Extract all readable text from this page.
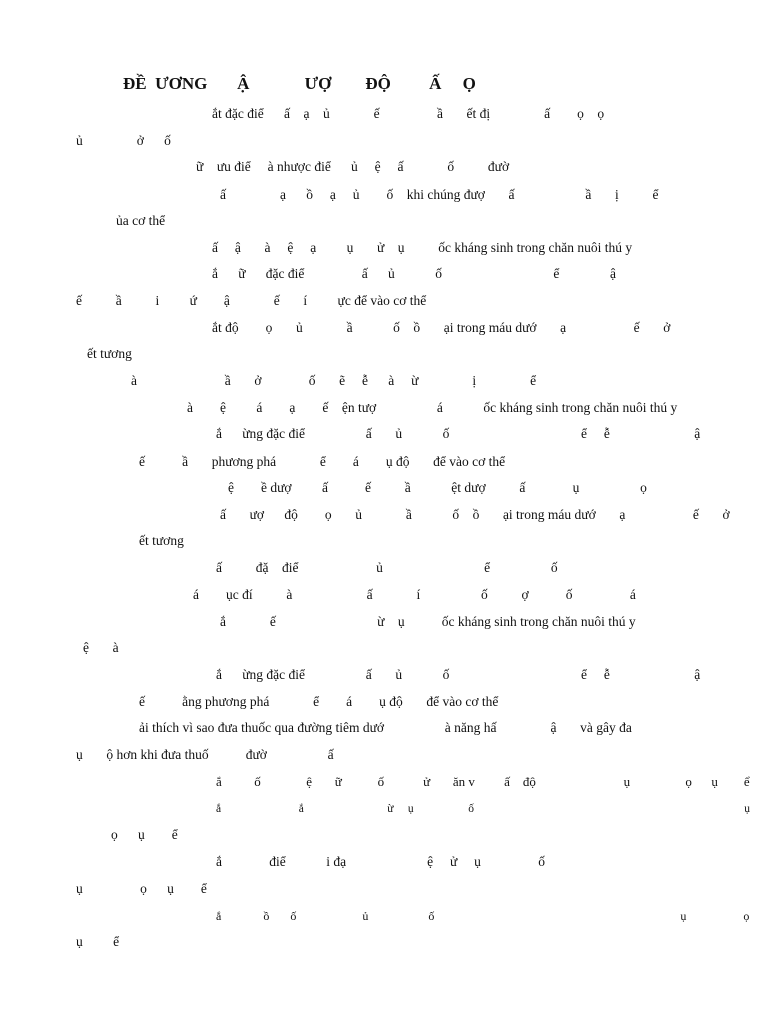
ĐỀ  ƯƠNG       Ậ             ƯỢ        ĐỘ         Ấ     Ọ
ắt đặc điể      ấ    ạ    ủ             ế                 ầ       ết đị                ấ        ọ    ọ
ủ                ở      ố
ữ    ưu điể     à nhược điể      ủ     ệ     ấ             ố          đườ
ấ                ạ      ồ     ạ     ủ        ố    khi chúng đượ       ấ                     ầ       ị          ể
ủa cơ thể
ấ     ậ       à     ệ     ạ         ụ       ử    ụ          ốc kháng sinh trong chăn nuôi thú y
ắ      ữ      đặc điể                 ấ      ủ            ố                                 ể               ậ
ế          ầ          i         ứ        ậ             ế       í         ực để vào cơ thể
ắt độ        ọ       ủ             ầ            ố    ồ       ại trong máu dướ       ạ                    ế       ở
ết tương
à                          ầ       ở              ố       ẽ     ễ      à     ừ                ị                ể
à        ệ         á        ạ        ế    ện tượ                  á            ốc kháng sinh trong chăn nuôi thú y
ắ      ừng đặc điể                  ấ       ủ            ố                                       ể     ễ                         ậ
ế           ầ       phương phá             ể        á        ụ độ       để vào cơ thể
ệ        ề dượ         ấ           ế          ầ            ệt dượ          ấ              ụ                  ọ
ấ       ượ      độ        ọ       ủ             ầ            ố    ồ       ại trong máu dướ       ạ                    ế       ở
ết tương
ấ          đặ    điể                       ủ                              ể                  ố
á        ục đí          à                      ấ             í                  ố          ợ           ố                 á
ắ             ế                              ừ    ụ           ốc kháng sinh trong chăn nuôi thú y
ệ       à
ắ      ừng đặc điể                  ấ       ủ            ố                                       ể     ễ                         ậ
ế           ằng phương phá             ể        á        ụ độ       để vào cơ thể
ải thích vì sao đưa thuốc qua đường tiêm dướ                  à năng hấ                ậ       và gây đa
ụ       ộ hơn khi đưa thuố           đườ                  ấ
ắ          ố              ệ       ữ           ố            ử       ăn v         ấ    độ                           ụ                 ọ      ụ        ể
ắ                           ắ                             ừ     ụ                   ố                                                                                              ụ
ọ      ụ        ể
ắ              điể            i đạ                        ệ     ử     ụ                 ố
ụ                 ọ      ụ        ể
ắ              ồ       ố                      ủ                    ố                                                                                  ụ                   ọ
ụ         ể
